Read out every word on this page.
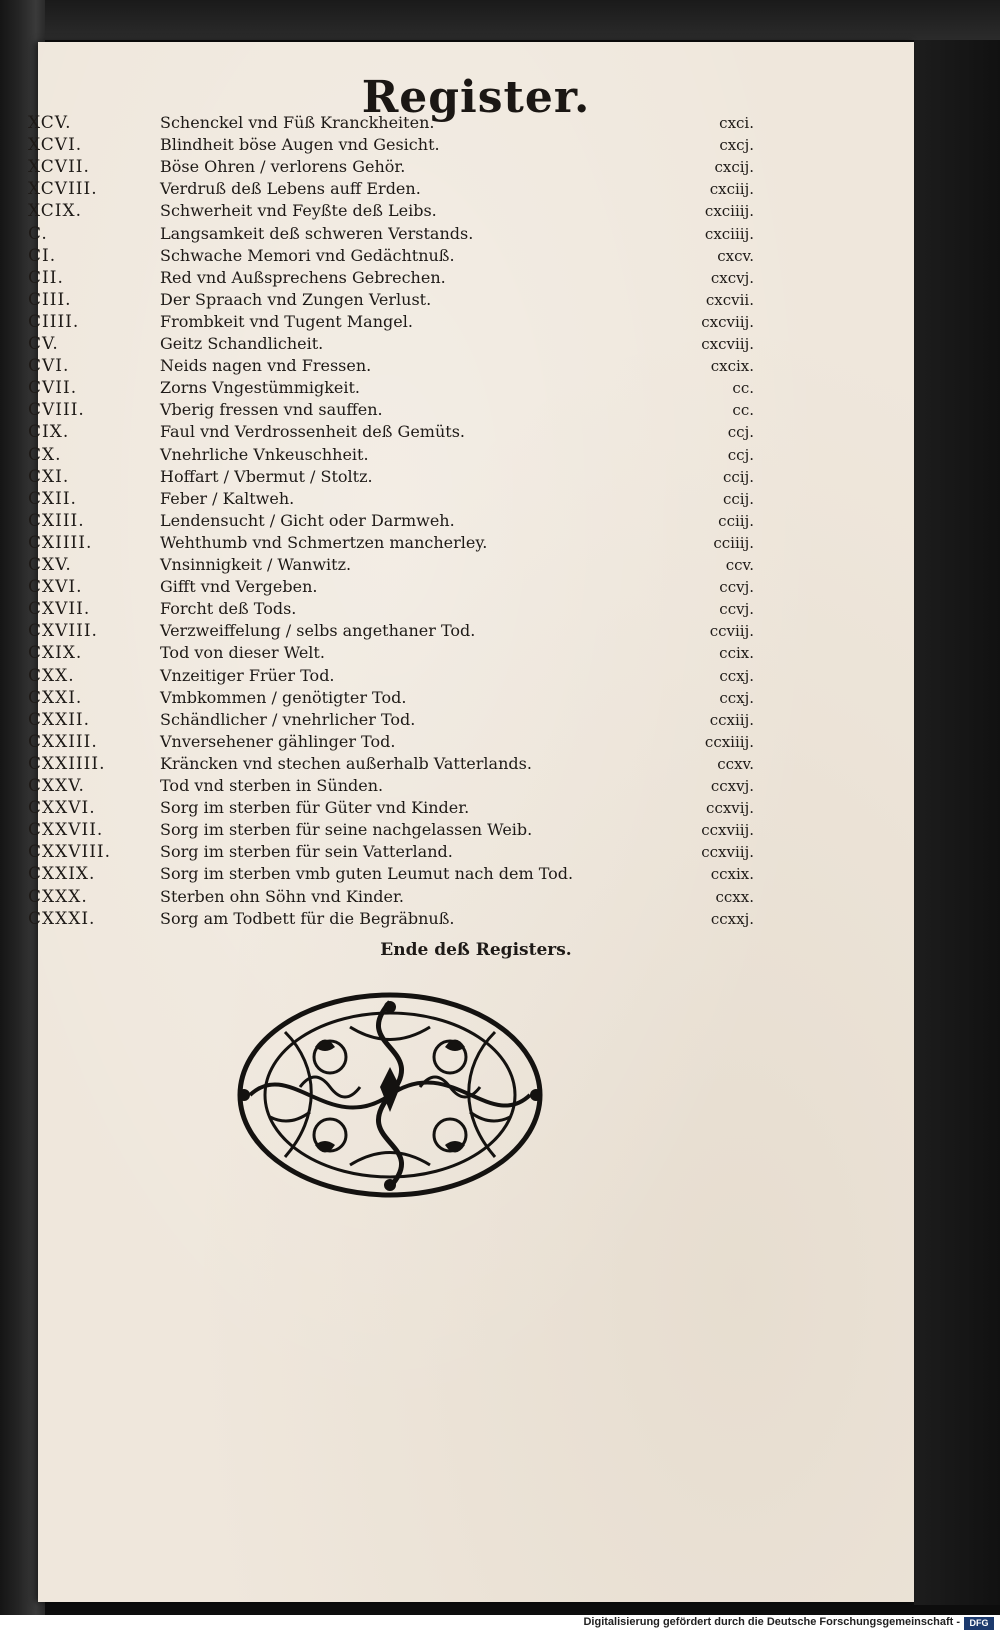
Register.
XCV.	Schenckel vnd Füß Kranckheiten.	cxci.
XCVI.	Blindheit böse Augen vnd Gesicht.	cxcj.
XCVII.	Böse Ohren / verlorens Gehör.	cxcij.
XCVIII.	Verdruß deß Lebens auff Erden.	cxciij.
XCIX.	Schwerheit vnd Feyßte deß Leibs.	cxciiij.
C.	Langsamkeit deß schweren Verstands.	cxciiij.
CI.	Schwache Memori vnd Gedächtnuß.	cxcv.
CII.	Red vnd Außsprechens Gebrechen.	cxcvj.
CIII.	Der Spraach vnd Zungen Verlust.	cxcvii.
CIIII.	Frombkeit vnd Tugent Mangel.	cxcviij.
CV.	Geitz Schandlicheit.	cxcviij.
CVI.	Neids nagen vnd Fressen.	cxcix.
CVII.	Zorns Vngestümmigkeit.	cc.
CVIII.	Vberig fressen vnd sauffen.	cc.
CIX.	Faul vnd Verdrossenheit deß Gemüts.	ccj.
CX.	Vnehrliche Vnkeuschheit.	ccj.
CXI.	Hoffart / Vbermut / Stoltz.	ccij.
CXII.	Feber / Kaltweh.	ccij.
CXIII.	Lendensucht / Gicht oder Darmweh.	cciij.
CXIIII.	Wehthumb vnd Schmertzen mancherley.	cciiij.
CXV.	Vnsinnigkeit / Wanwitz.	ccv.
CXVI.	Gifft vnd Vergeben.	ccvj.
CXVII.	Forcht deß Tods.	ccvj.
CXVIII.	Verzweiffelung / selbs angethaner Tod.	ccviij.
CXIX.	Tod von dieser Welt.	ccix.
CXX.	Vnzeitiger Früer Tod.	ccxj.
CXXI.	Vmbkommen / genötigter Tod.	ccxj.
CXXII.	Schändlicher / vnehrlicher Tod.	ccxiij.
CXXIII.	Vnversehener gählinger Tod.	ccxiiij.
CXXIIII.	Kräncken vnd stechen außerhalb Vatterlands.	ccxv.
CXXV.	Tod vnd sterben in Sünden.	ccxvj.
CXXVI.	Sorg im sterben für Güter vnd Kinder.	ccxvij.
CXXVII.	Sorg im sterben für seine nachgelassen Weib.	ccxviij.
CXXVIII.	Sorg im sterben für sein Vatterland.	ccxviij.
CXXIX.	Sorg im sterben vmb guten Leumut nach dem Tod.	ccxix.
CXXX.	Sterben ohn Söhn vnd Kinder.	ccxx.
CXXXI.	Sorg am Todbett für die Begräbnuß.	ccxxj.
Ende deß Registers.
Digitalisierung gefördert durch die Deutsche Forschungsgemeinschaft -	DFG
